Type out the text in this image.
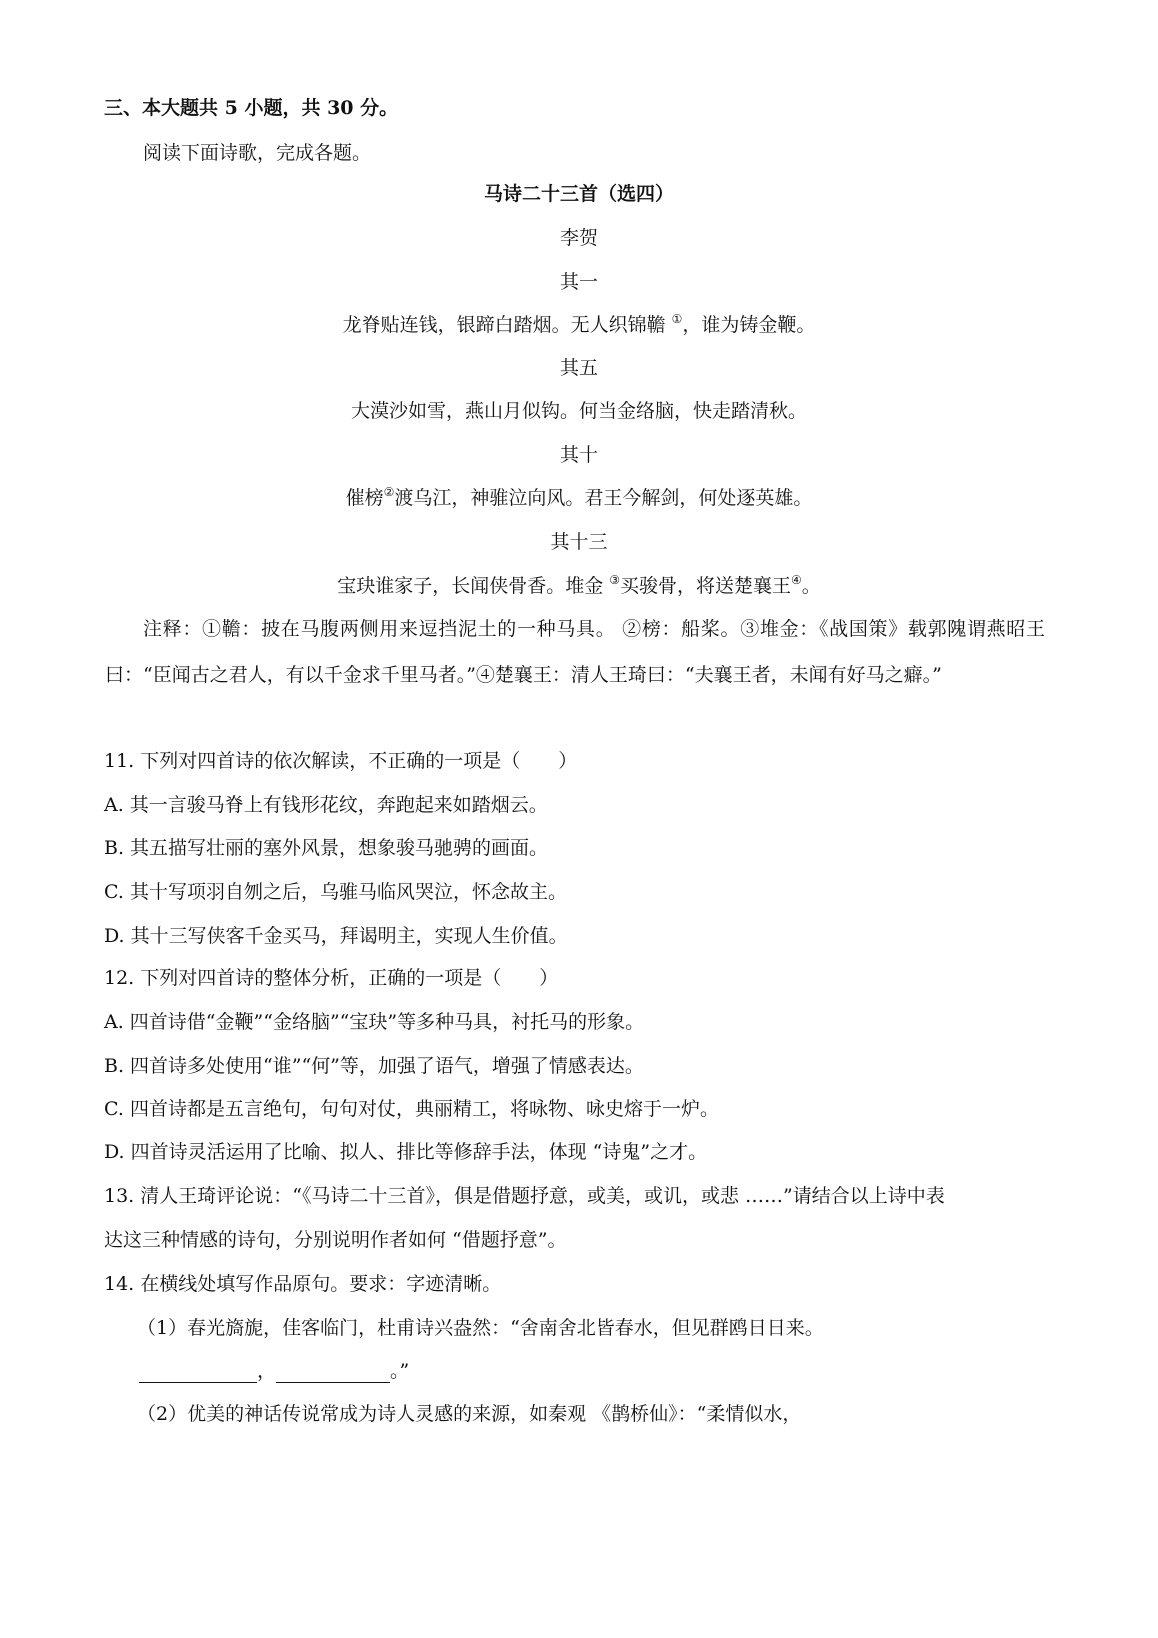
三、本大题共 5 小题，共 30 分。
阅读下面诗歌，完成各题。
马诗二十三首（选四）
李贺
其一
龙脊贴连钱，银蹄白踏烟。无人织锦韂 ①，谁为铸金鞭。
其五
大漠沙如雪，燕山月似钩。何当金络脑，快走踏清秋。
其十
催榜②渡乌江，神骓泣向风。君王今解剑，何处逐英雄。
其十三
宝玦谁家子，长闻侠骨香。堆金 ③买骏骨，将送楚襄王④。
注释：①韂：披在马腹两侧用来逗挡泥土的一种马具。 ②榜：船桨。③堆金：《战国策》载郭隗谓燕昭王曰：“臣闻古之君人，有以千金求千里马者。”④楚襄王：清人王琦曰：“夫襄王者，未闻有好马之癖。”
11. 下列对四首诗的依次解读，不正确的一项是（　　）
A. 其一言骏马脊上有钱形花纹，奔跑起来如踏烟云。
B. 其五描写壮丽的塞外风景，想象骏马驰骋的画面。
C. 其十写项羽自刎之后，乌骓马临风哭泣，怀念故主。
D. 其十三写侠客千金买马，拜谒明主，实现人生价值。
12. 下列对四首诗的整体分析，正确的一项是（　　）
A. 四首诗借“金鞭”“金络脑”“宝玦”等多种马具，衬托马的形象。
B. 四首诗多处使用“谁”“何”等，加强了语气，增强了情感表达。
C. 四首诗都是五言绝句，句句对仗，典丽精工，将咏物、咏史熔于一炉。
D. 四首诗灵活运用了比喻、拟人、排比等修辞手法，体现 “诗鬼”之才。
13. 清人王琦评论说：“《马诗二十三首》，俱是借题抒意，或美，或讥，或悲 ……”请结合以上诗中表
达这三种情感的诗句，分别说明作者如何 “借题抒意”。
14. 在横线处填写作品原句。要求：字迹清晰。
（1）春光旖旎，佳客临门，杜甫诗兴盎然：“舍南舍北皆春水，但见群鸥日日来。
，	。”
（2）优美的神话传说常成为诗人灵感的来源，如秦观 《鹊桥仙》：“柔情似水，
